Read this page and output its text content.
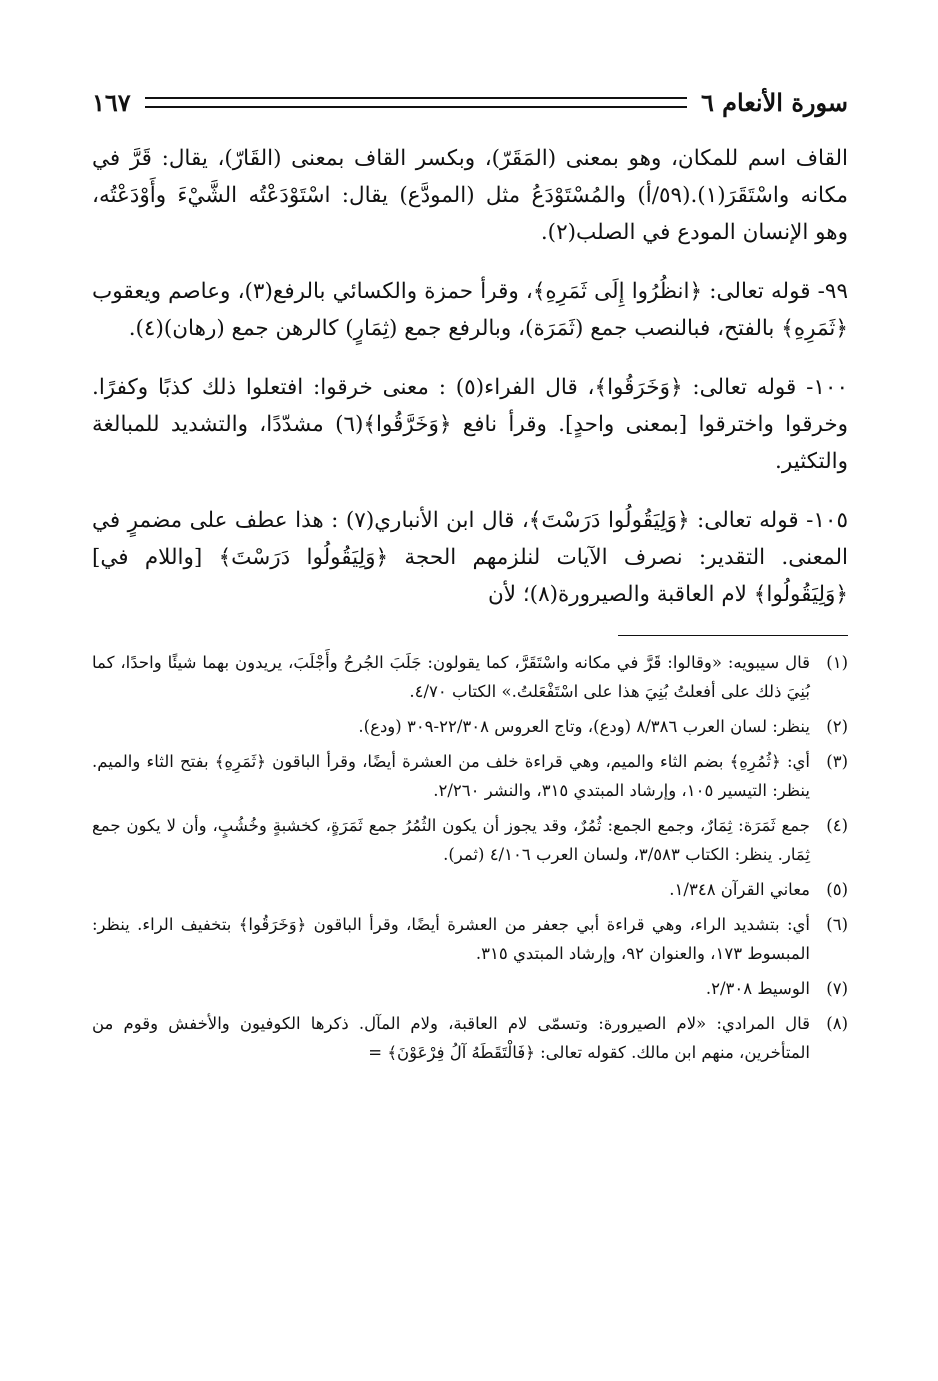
سورة الأنعام ٦
١٦٧

القاف اسم للمكان، وهو بمعنى (المَقَرّ)، وبكسر القاف بمعنى (القَارّ)، يقال: قَرَّ في مكانه واسْتَقَرَ(١).(٥٩/أ) والمُسْتَوْدَعُ مثل (المودَّع) يقال: اسْتَوْدَعْتُه الشَّيْءَ وأَوْدَعْتُه، وهو الإنسان المودع في الصلب(٢).

٩٩- قوله تعالى: ﴿انظُرُوا إِلَى ثَمَرِهِ﴾، وقرأ حمزة والكسائي بالرفع(٣)، وعاصم ويعقوب ﴿ثَمَرِهِ﴾ بالفتح، فبالنصب جمع (ثَمَرَة)، وبالرفع جمع (ثِمَارٍ) كالرهن جمع (رهان)(٤).

١٠٠- قوله تعالى: ﴿وَخَرَقُوا﴾، قال الفراء(٥) : معنى خرقوا: افتعلوا ذلك كذبًا وكفرًا. وخرقوا واخترقوا [بمعنى واحدٍ]. وقرأ نافع ﴿وَخَرَّقُوا﴾(٦) مشدّدًا، والتشديد للمبالغة والتكثير.

١٠٥- قوله تعالى: ﴿وَلِيَقُولُوا دَرَسْتَ﴾، قال ابن الأنباري(٧) : هذا عطف على مضمرٍ في المعنى. التقدير: نصرف الآيات لنلزمهم الحجة ﴿وَلِيَقُولُوا دَرَسْتَ﴾ [واللام في] ﴿وَلِيَقُولُوا﴾ لام العاقبة والصيرورة(٨)؛ لأن

(١)
قال سيبويه: «وقالوا: قَرَّ في مكانه واسْتَقَرَّ، كما يقولون: جَلَبَ الجُرحُ وأَجْلَبَ، يريدون بهما شيئًا واحدًا، كما بُنِيَ ذلك على أفعلتُ بُنِيَ هذا على اسْتَفْعَلتُ.» الكتاب ٤/٧٠.
(٢)
ينظر: لسان العرب ٨/٣٨٦ (ودع)، وتاج العروس ٢٢/٣٠٨-٣٠٩ (ودع).
(٣)
أي: ﴿ثُمُرِهِ﴾ بضم الثاء والميم، وهي قراءة خلف من العشرة أيضًا، وقرأ الباقون ﴿ثَمَرِهِ﴾ بفتح الثاء والميم. ينظر: التيسير ١٠٥، وإرشاد المبتدي ٣١٥، والنشر ٢/٢٦٠.
(٤)
جمع ثَمَرَة: ثِمَارٌ، وجمع الجمع: ثُمُرٌ، وقد يجوز أن يكون الثُمُرُ جمع ثَمَرَةٍ، كخشبةٍ وخُشُبٍ، وأن لا يكون جمع ثِمَار. ينظر: الكتاب ٣/٥٨٣، ولسان العرب ٤/١٠٦ (ثمر).
(٥)
معاني القرآن ١/٣٤٨.
(٦)
أي: بتشديد الراء، وهي قراءة أبي جعفر من العشرة أيضًا، وقرأ الباقون ﴿وَخَرَقُوا﴾ بتخفيف الراء. ينظر: المبسوط ١٧٣، والعنوان ٩٢، وإرشاد المبتدي ٣١٥.
(٧)
الوسيط ٢/٣٠٨.
(٨)
قال المرادي: «لام الصيرورة: وتسمّى لام العاقبة، ولام المآل. ذكرها الكوفيون والأخفش وقوم من المتأخرين، منهم ابن مالك. كقوله تعالى: ﴿فَالْتَقَطَهُ آلُ فِرْعَوْنَ﴾ =
